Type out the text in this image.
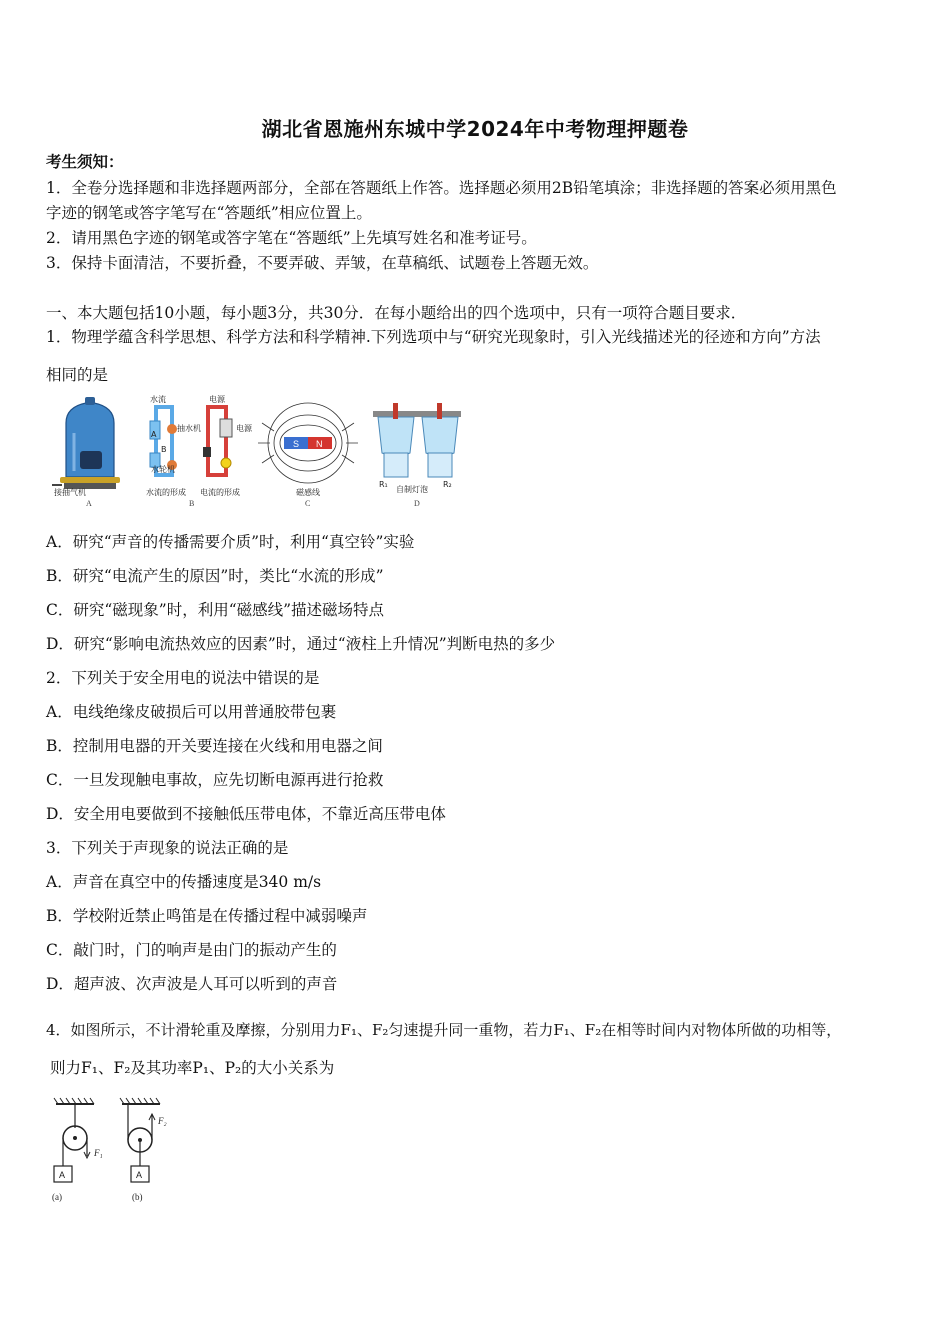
湖北省恩施州东城中学2024年中考物理押题卷
考生须知：
1．全卷分选择题和非选择题两部分，全部在答题纸上作答。选择题必须用2B铅笔填涂；非选择题的答案必须用黑色
字迹的钢笔或答字笔写在“答题纸”相应位置上。
2．请用黑色字迹的钢笔或答字笔在“答题纸”上先填写姓名和准考证号。
3．保持卡面清洁，不要折叠，不要弄破、弄皱，在草稿纸、试题卷上答题无效。
一、本大题包括10小题，每小题3分，共30分．在每小题给出的四个选项中，只有一项符合题目要求．
1．物理学蕴含科学思想、科学方法和科学精神.下列选项中与“研究光现象时，引入光线描述光的径迹和方向”方法
相同的是
接抽气机
A
水流	电源
A
B
抽水机
水轮机
电源
水流的形成 电流的形成
B
S N
磁感线
C
R₁
自制灯泡
R₂
D
A．研究“声音的传播需要介质”时，利用“真空铃”实验
B．研究“电流产生的原因”时，类比“水流的形成”
C．研究“磁现象”时，利用“磁感线”描述磁场特点
D．研究“影响电流热效应的因素”时，通过“液柱上升情况”判断电热的多少
2．下列关于安全用电的说法中错误的是
A．电线绝缘皮破损后可以用普通胶带包裹
B．控制用电器的开关要连接在火线和用电器之间
C．一旦发现触电事故，应先切断电源再进行抢救
D．安全用电要做到不接触低压带电体，不靠近高压带电体
3．下列关于声现象的说法正确的是
A．声音在真空中的传播速度是340 m/s
B．学校附近禁止鸣笛是在传播过程中减弱噪声
C．敲门时，门的响声是由门的振动产生的
D．超声波、次声波是人耳可以听到的声音
4．如图所示，不计滑轮重及摩擦，分别用力F₁、F₂匀速提升同一重物，若力F₁、F₂在相等时间内对物体所做的功相等，
则力F₁、F₂及其功率P₁、P₂的大小关系为
F₁
A
(a)
F₂
A
(b)
